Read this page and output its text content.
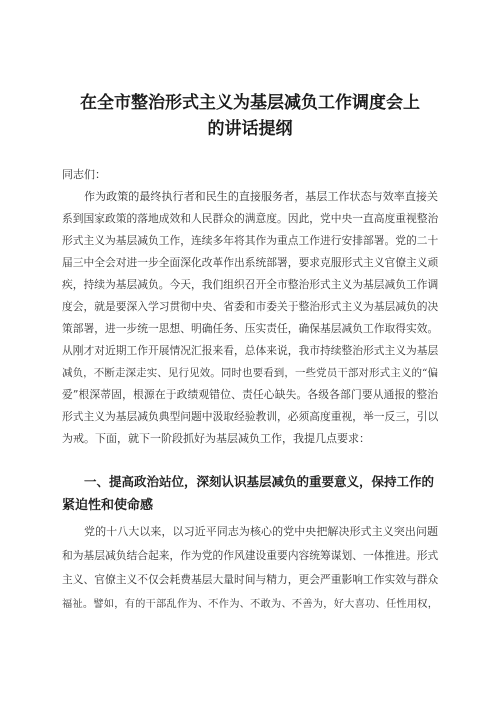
在全市整治形式主义为基层减负工作调度会上
的讲话提纲
同志们：
作为政策的最终执行者和民生的直接服务者，基层工作状态与效率直接关
系到国家政策的落地成效和人民群众的满意度。因此，党中央一直高度重视整治
形式主义为基层减负工作，连续多年将其作为重点工作进行安排部署。党的二十
届三中全会对进一步全面深化改革作出系统部署，要求克服形式主义官僚主义顽
疾，持续为基层减负。今天，我们组织召开全市整治形式主义为基层减负工作调
度会，就是要深入学习贯彻中央、省委和市委关于整治形式主义为基层减负的决
策部署，进一步统一思想、明确任务、压实责任，确保基层减负工作取得实效。
从刚才对近期工作开展情况汇报来看，总体来说，我市持续整治形式主义为基层
减负，不断走深走实、见行见效。同时也要看到，一些党员干部对形式主义的“偏
爱”根深蒂固，根源在于政绩观错位、责任心缺失。各级各部门要从通报的整治
形式主义为基层减负典型问题中汲取经验教训，必须高度重视，举一反三，引以
为戒。下面，就下一阶段抓好为基层减负工作，我提几点要求：
一、提高政治站位，深刻认识基层减负的重要意义，保持工作的
紧迫性和使命感
党的十八大以来，以习近平同志为核心的党中央把解决形式主义突出问题
和为基层减负结合起来，作为党的作风建设重要内容统筹谋划、一体推进。形式
主义、官僚主义不仅会耗费基层大量时间与精力，更会严重影响工作实效与群众
福祉。譬如，有的干部乱作为、不作为、不敢为、不善为，好大喜功、任性用权，
